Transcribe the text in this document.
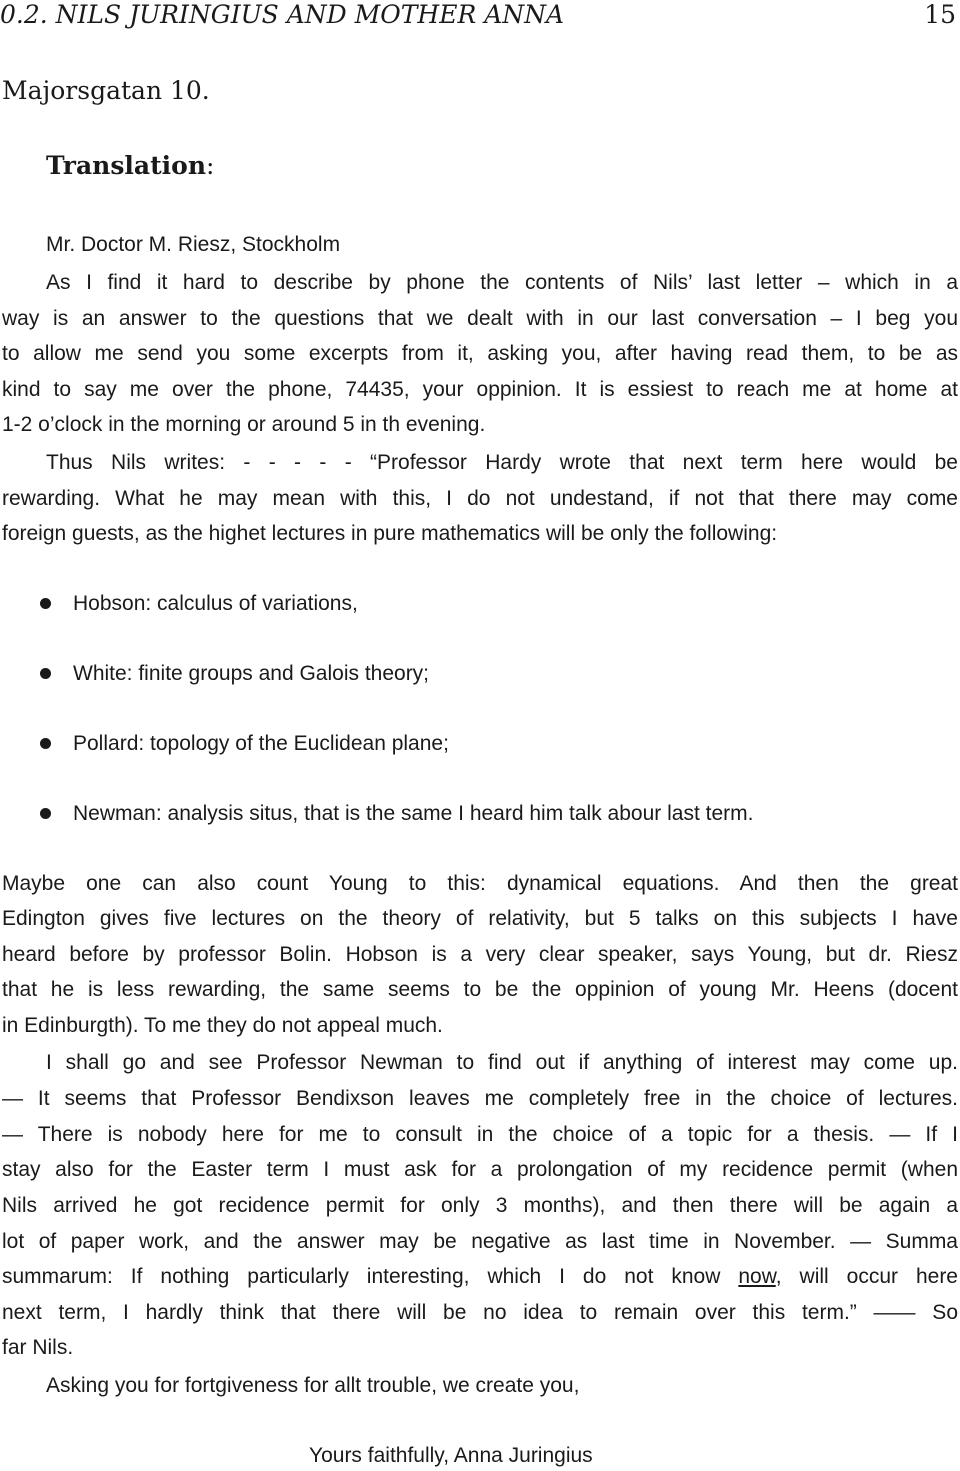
0.2. NILS JURINGIUS AND MOTHER ANNA	15
Majorsgatan 10.
Translation:
Mr. Doctor M. Riesz, Stockholm
As I find it hard to describe by phone the contents of Nils’ last letter – which in a
way is an answer to the questions that we dealt with in our last conversation – I beg you
to allow me send you some excerpts from it, asking you, after having read them, to be as
kind to say me over the phone, 74435, your oppinion. It is essiest to reach me at home at
1-2 o’clock in the morning or around 5 in th evening.
Thus Nils writes: - - - - - “Professor Hardy wrote that next term here would be
rewarding. What he may mean with this, I do not undestand, if not that there may come
foreign guests, as the highet lectures in pure mathematics will be only the following:
Hobson: calculus of variations,
White: finite groups and Galois theory;
Pollard: topology of the Euclidean plane;
Newman: analysis situs, that is the same I heard him talk abour last term.
Maybe one can also count Young to this: dynamical equations. And then the great
Edington gives five lectures on the theory of relativity, but 5 talks on this subjects I have
heard before by professor Bolin. Hobson is a very clear speaker, says Young, but dr. Riesz
that he is less rewarding, the same seems to be the oppinion of young Mr. Heens (docent
in Edinburgth). To me they do not appeal much.
I shall go and see Professor Newman to find out if anything of interest may come up.
— It seems that Professor Bendixson leaves me completely free in the choice of lectures.
— There is nobody here for me to consult in the choice of a topic for a thesis. — If I
stay also for the Easter term I must ask for a prolongation of my recidence permit (when
Nils arrived he got recidence permit for only 3 months), and then there will be again a
lot of paper work, and the answer may be negative as last time in November. — Summa
summarum: If nothing particularly interesting, which I do not know now, will occur here
next term, I hardly think that there will be no idea to remain over this term.” —— So
far Nils.
Asking you for fortgiveness for allt trouble, we create you,
Yours faithfully, Anna Juringius
